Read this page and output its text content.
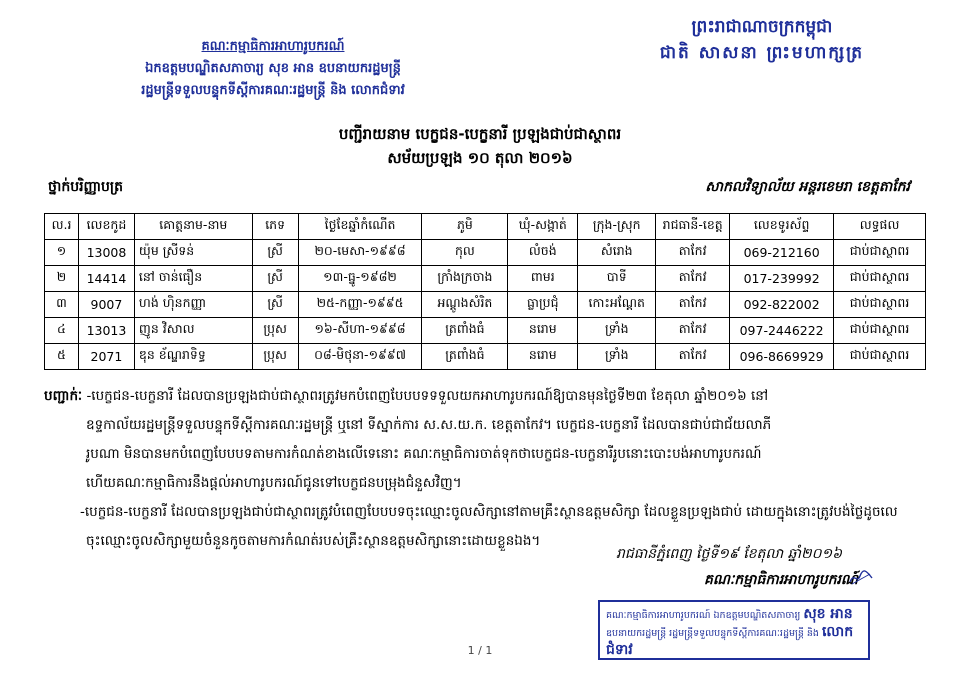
ព្រះរាជាណាចក្រកម្ពុជា
ជាតិ សាសនា ព្រះមហាក្សត្រ
គណៈកម្មាធិការអាហារូបករណ៍
ឯកឧត្តមបណ្ឌិតសភាចារ្យ សុខ អាន ឧបនាយករដ្ឋមន្ត្រី
រដ្ឋមន្ត្រីទទួលបន្ទុកទីស្តីការគណៈរដ្ឋមន្ត្រី និង លោកជំទាវ
បញ្ជីរាយនាម បេក្ខជន-បេក្ខនារី ប្រឡងជាប់ជាស្ថាពរ
សម័យប្រឡង ១០ តុលា ២០១៦
ថ្នាក់បរិញ្ញាបត្រ	សាកលវិទ្យាល័យ អន្តរខេមរា ខេត្តតាកែវ
ល.រ	លេខកូដ	គោត្តនាម-នាម	ភេទ	ថ្ងៃខែឆ្នាំកំណើត	ភូមិ	ឃុំ-សង្កាត់	ក្រុង-ស្រុក	រាជធានី-ខេត្ត	លេខទូរស័ព្ទ	លទ្ធផល
១	13008	យ៉ុម ស្រីទន់	ស្រី	២០-មេសា-១៩៩៨	កុល	លំចង់	សំរោង	តាកែវ	069-212160	ជាប់ជាស្ថាពរ
២	14414	នៅ ចាន់ធឿន	ស្រី	១៣-ធ្នូ-១៩៨២	ក្រាំងក្រចាង	ពាមរ	បាទី	តាកែវ	017-239992	ជាប់ជាស្ថាពរ
៣	9007	ហង់ ហ៊ិនកញ្ញា	ស្រី	២៥-កញ្ញា-១៩៩៥	អណ្តូងសំរិត	ធ្លាប្រជុំ	កោះអណ្តែត	តាកែវ	092-822002	ជាប់ជាស្ថាពរ
៤	13013	ញូន វិសាល	ប្រុស	១៦-សីហា-១៩៩៨	ត្រពាំងធំ	នរោម	ទ្រាំង	តាកែវ	097-2446222	ជាប់ជាស្ថាពរ
៥	2071	ឌុន ខ័ណ្ឌរាទិទ្ធ	ប្រុស	០៨-មិថុនា-១៩៩៧	ត្រពាំងធំ	នរោម	ទ្រាំង	តាកែវ	096-8669929	ជាប់ជាស្ថាពរ
បញ្ជាក់ៈ -បេក្ខជន-បេក្ខនារី ដែលបានប្រឡងជាប់ជាស្ថាពរត្រូវមកបំពេញបែបបទទទួលយកអាហារូបករណ៍ឱ្យបានមុនថ្ងៃទី២៣ ខែតុលា ឆ្នាំ២០១៦ នៅ
ឧទ្ទកាល័យរដ្ឋមន្ត្រីទទួលបន្ទុកទីស្តីការគណៈរដ្ឋមន្ត្រី ឬនៅ ទីស្នាក់ការ ស.ស.យ.ក. ខេត្តតាកែវ។ បេក្ខជន-បេក្ខនារី ដែលបានជាប់ជាជ័យលាភី
រូបណា មិនបានមកបំពេញបែបបទតាមការកំណត់ខាងលើទេនោះ គណៈកម្មាធិការចាត់ទុកថាបេក្ខជន-បេក្ខនារីរូបនោះបោះបង់អាហារូបករណ៍
ហើយគណៈកម្មាធិការនឹងផ្តល់អាហារូបករណ៍ជូនទៅបេក្ខជនបម្រុងជំនួសវិញ។
-បេក្ខជន-បេក្ខនារី ដែលបានប្រឡងជាប់ជាស្ថាពរត្រូវបំពេញបែបបទចុះឈ្មោះចូលសិក្សានៅតាមគ្រឹះស្ថានឧត្តមសិក្សា ដែលខ្លួនប្រឡងជាប់ ដោយក្នុងនោះត្រូវបង់ថ្លៃដូចលេ
ចុះឈ្មោះចូលសិក្សាមួយចំនួនកូចតាមការកំណត់របស់គ្រឹះស្ថានឧត្តមសិក្សានោះដោយខ្លួនឯង។
រាជធានីភ្នំពេញ ថ្ងៃទី១៩ ខែតុលា ឆ្នាំ២០១៦
គណៈកម្មាធិការអាហារូបករណ៍
គណៈកម្មាធិការអាហារូបករណ៍ ឯកឧត្តមបណ្ឌិតសភាចារ្យ សុខ អាន
ឧបនាយករដ្ឋមន្ត្រី រដ្ឋមន្ត្រីទទួលបន្ទុកទីស្តីការគណៈរដ្ឋមន្ត្រី និង លោកជំទាវ
1 / 1
